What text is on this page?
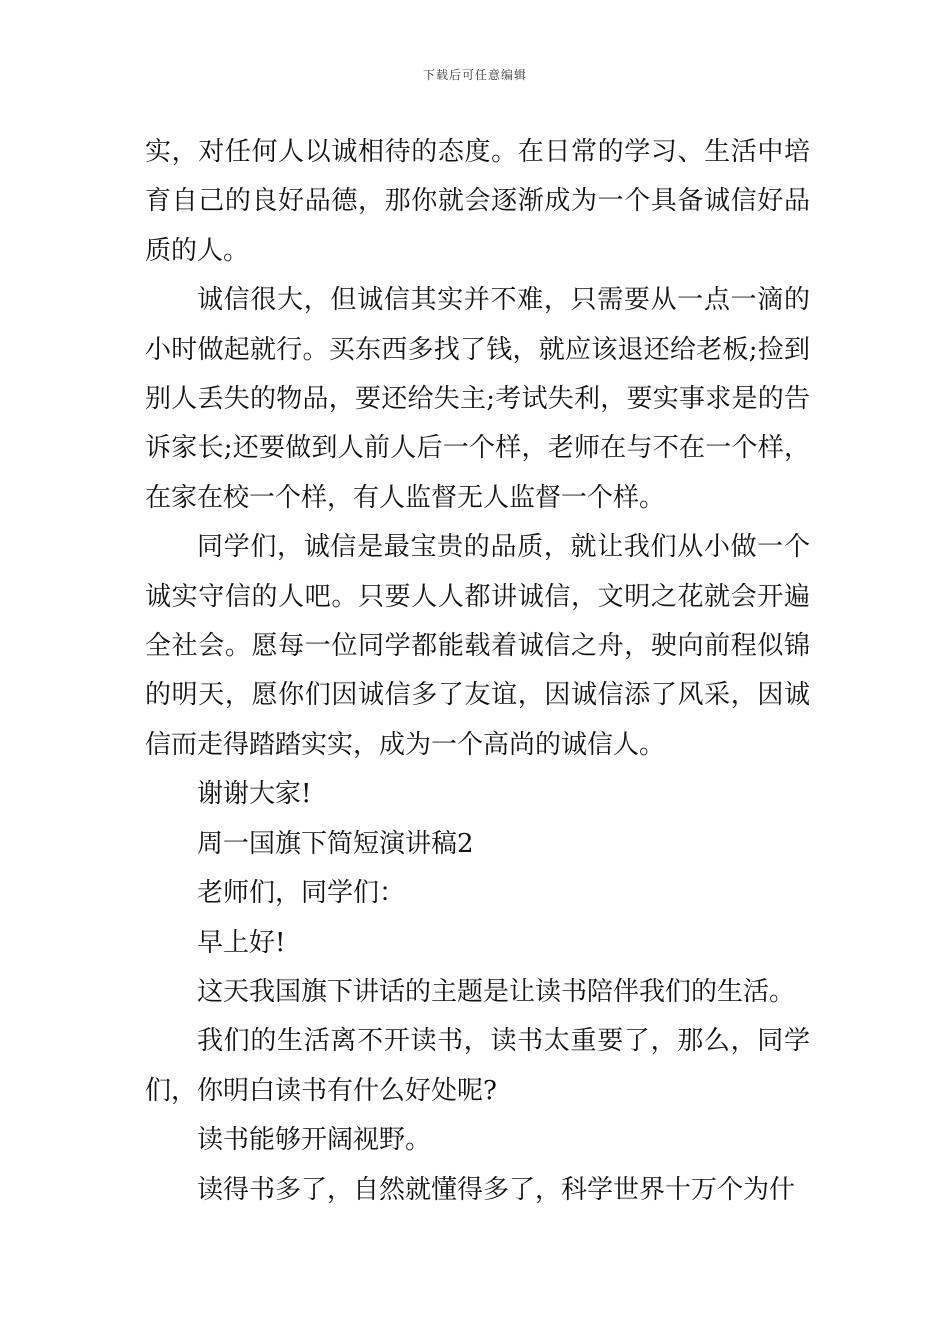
下载后可任意编辑

实，对任何人以诚相待的态度。在日常的学习、生活中培育自己的良好品德，那你就会逐渐成为一个具备诚信好品质的人。

诚信很大，但诚信其实并不难，只需要从一点一滴的小时做起就行。买东西多找了钱，就应该退还给老板;捡到别人丢失的物品，要还给失主;考试失利，要实事求是的告诉家长;还要做到人前人后一个样，老师在与不在一个样，在家在校一个样，有人监督无人监督一个样。

同学们，诚信是最宝贵的品质，就让我们从小做一个诚实守信的人吧。只要人人都讲诚信，文明之花就会开遍全社会。愿每一位同学都能载着诚信之舟，驶向前程似锦的明天，愿你们因诚信多了友谊，因诚信添了风采，因诚信而走得踏踏实实，成为一个高尚的诚信人。

谢谢大家!

周一国旗下简短演讲稿2

老师们，同学们：

早上好!

这天我国旗下讲话的主题是让读书陪伴我们的生活。

我们的生活离不开读书，读书太重要了，那么，同学们，你明白读书有什么好处呢?

读书能够开阔视野。

读得书多了，自然就懂得多了，科学世界十万个为什
